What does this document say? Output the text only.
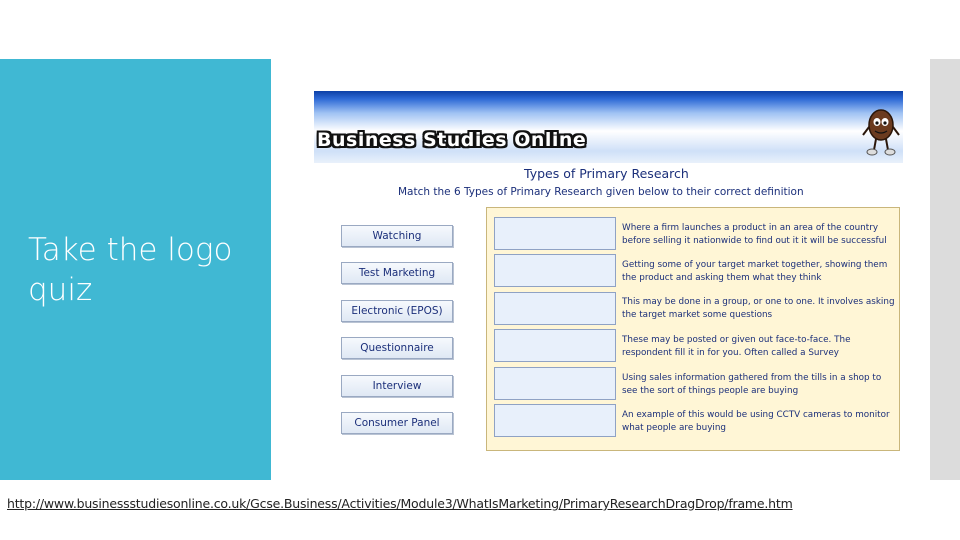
Take the logo quiz
Business Studies Online
Types of Primary Research
Match the 6 Types of Primary Research given below to their correct definition
Watching
Test Marketing
Electronic (EPOS)
Questionnaire
Interview
Consumer Panel
Where a firm launches a product in an area of the country before selling it nationwide to find out it it will be successful
Getting some of your target market together, showing them the product and asking them what they think
This may be done in a group, or one to one. It involves asking the target market some questions
These may be posted or given out face-to-face. The respondent fill it in for you. Often called a Survey
Using sales information gathered from the tills in a shop to see the sort of things people are buying
An example of this would be using CCTV cameras to monitor what people are buying
http://www.businessstudiesonline.co.uk/Gcse.Business/Activities/Module3/WhatIsMarketing/PrimaryResearchDragDrop/frame.htm
